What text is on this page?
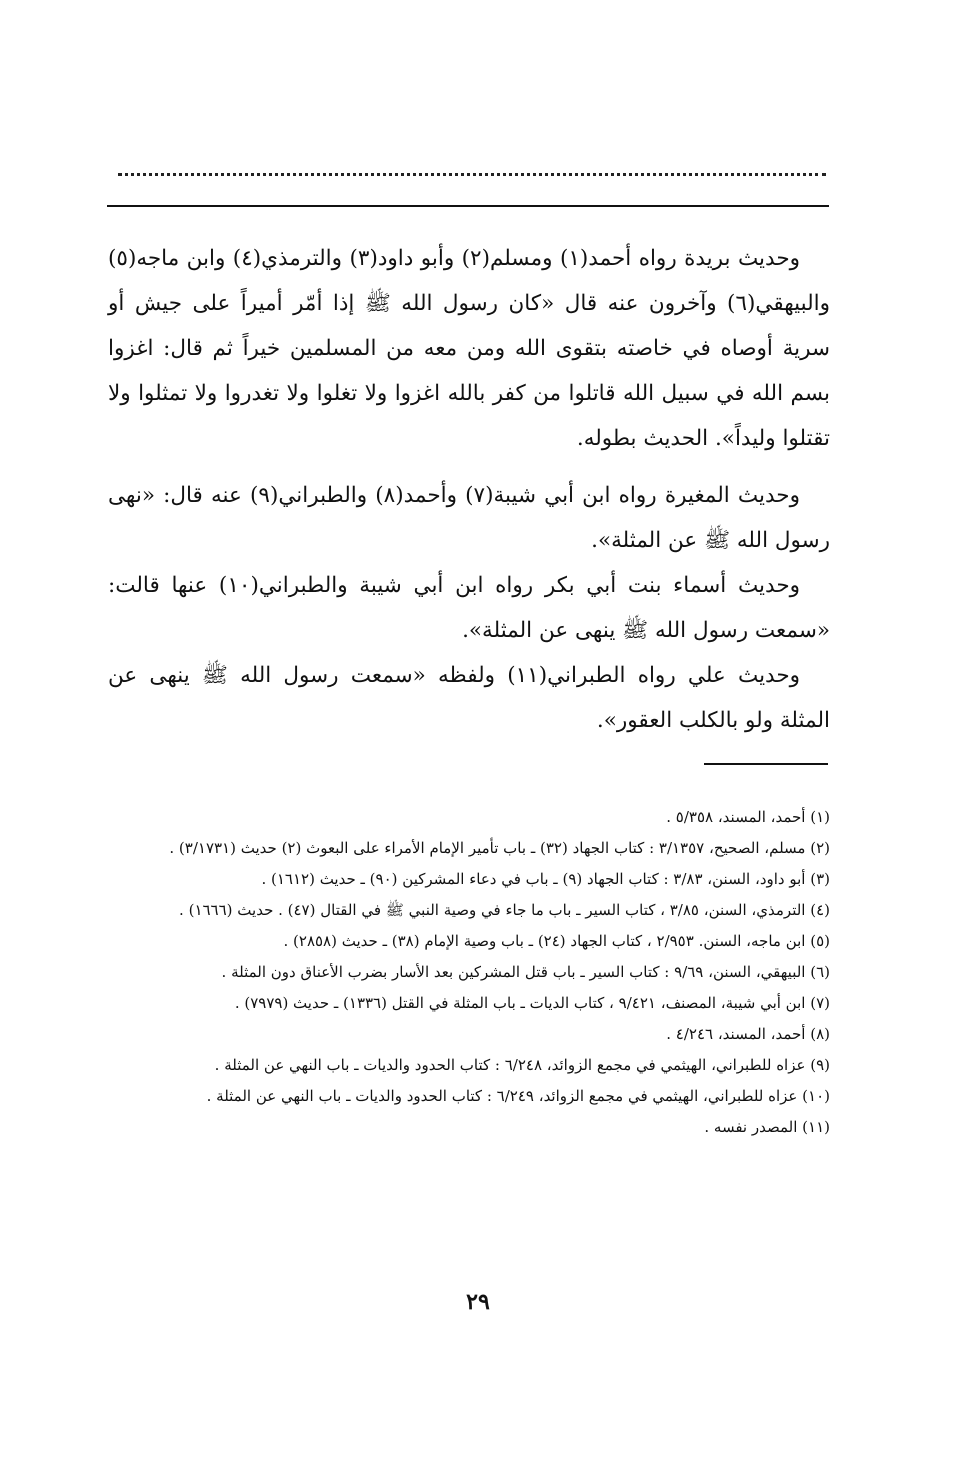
وحديث بريدة رواه أحمد(١) ومسلم(٢) وأبو داود(٣) والترمذي(٤) وابن ماجه(٥) والبيهقي(٦) وآخرون عنه قال «كان رسول الله ﷺ إذا أمّر أميراً على جيش أو سرية أوصاه في خاصته بتقوى الله ومن معه من المسلمين خيراً ثم قال: اغزوا بسم الله في سبيل الله قاتلوا من كفر بالله اغزوا ولا تغلوا ولا تغدروا ولا تمثلوا ولا تقتلوا وليداً». الحديث بطوله.

وحديث المغيرة رواه ابن أبي شيبة(٧) وأحمد(٨) والطبراني(٩) عنه قال: «نهى رسول الله ﷺ عن المثلة».

وحديث أسماء بنت أبي بكر رواه ابن أبي شيبة والطبراني(١٠) عنها قالت: «سمعت رسول الله ﷺ ينهى عن المثلة».

وحديث علي رواه الطبراني(١١) ولفظه «سمعت رسول الله ﷺ ينهى عن المثلة ولو بالكلب العقور».

(١) أحمد، المسند، ٥/٣٥٨ .

(٢) مسلم، الصحيح، ٣/١٣٥٧ : كتاب الجهاد (٣٢) ـ باب تأمير الإمام الأمراء على البعوث (٢) حديث (٣/١٧٣١) .

(٣) أبو داود، السنن، ٣/٨٣ : كتاب الجهاد (٩) ـ باب في دعاء المشركين (٩٠) ـ حديث (١٦١٢) .

(٤) الترمذي، السنن، ٣/٨٥ ، كتاب السير ـ باب ما جاء في وصية النبي ﷺ في القتال (٤٧) . حديث (١٦٦٦) .

(٥) ابن ماجه، السنن. ٢/٩٥٣ ، كتاب الجهاد (٢٤) ـ باب وصية الإمام (٣٨) ـ حديث (٢٨٥٨) .

(٦) البيهقي، السنن، ٩/٦٩ : كتاب السير ـ باب قتل المشركين بعد الأسار بضرب الأعناق دون المثلة .

(٧) ابن أبي شيبة، المصنف، ٩/٤٢١ ، كتاب الديات ـ باب المثلة في القتل (١٣٣٦) ـ حديث (٧٩٧٩) .

(٨) أحمد، المسند، ٤/٢٤٦ .

(٩) عزاه للطبراني، الهيثمي في مجمع الزوائد، ٦/٢٤٨ : كتاب الحدود والديات ـ باب النهي عن المثلة .

(١٠) عزاه للطبراني، الهيثمي في مجمع الزوائد، ٦/٢٤٩ : كتاب الحدود والديات ـ باب النهي عن المثلة .

(١١) المصدر نفسه .

٢٩
